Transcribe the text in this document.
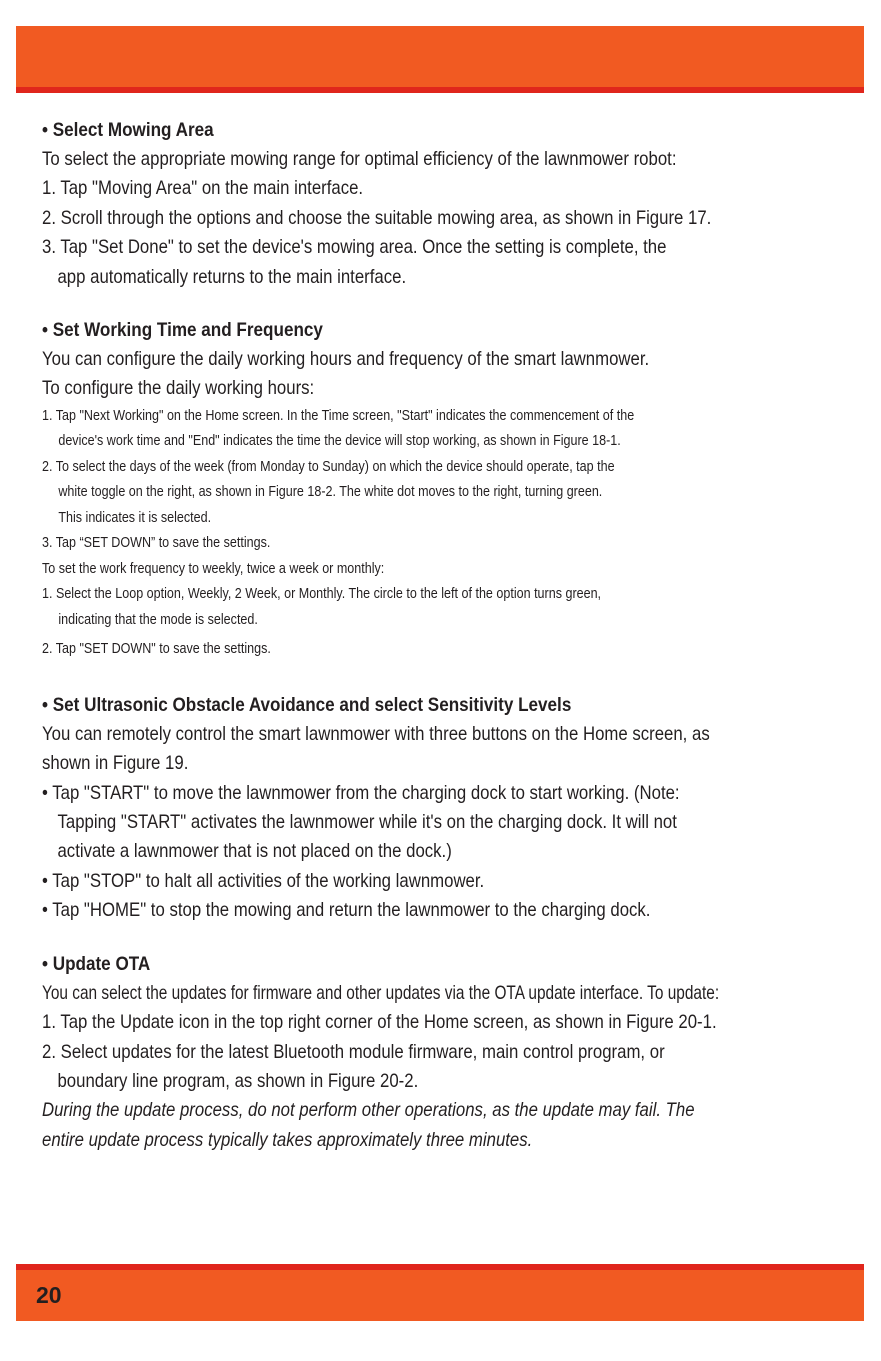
• Select Mowing Area
To select the appropriate mowing range for optimal efficiency of the lawnmower robot:
1. Tap "Moving Area" on the main interface.
2. Scroll through the options and choose the suitable mowing area, as shown in Figure 17.
3. Tap "Set Done" to set the device's mowing area. Once the setting is complete, the
app automatically returns to the main interface.
• Set Working Time and Frequency
You can configure the daily working hours and frequency of the smart lawnmower.
To configure the daily working hours:
1. Tap "Next Working" on the Home screen. In the Time screen, "Start" indicates the commencement of the
device's work time and "End" indicates the time the device will stop working, as shown in Figure 18-1.
2. To select the days of the week (from Monday to Sunday) on which the device should operate, tap the
white toggle on the right, as shown in Figure 18-2. The white dot moves to the right, turning green.
This indicates it is selected.
3. Tap “SET DOWN” to save the settings.
To set the work frequency to weekly, twice a week or monthly:
1. Select the Loop option, Weekly, 2 Week, or Monthly. The circle to the left of the option turns green,
indicating that the mode is selected.
2. Tap "SET DOWN" to save the settings.
• Set Ultrasonic Obstacle Avoidance and select Sensitivity Levels
You can remotely control the smart lawnmower with three buttons on the Home screen, as
shown in Figure 19.
• Tap "START" to move the lawnmower from the charging dock to start working. (Note:
Tapping "START" activates the lawnmower while it's on the charging dock. It will not
activate a lawnmower that is not placed on the dock.)
• Tap "STOP" to halt all activities of the working lawnmower.
• Tap "HOME" to stop the mowing and return the lawnmower to the charging dock.
• Update OTA
You can select the updates for firmware and other updates via the OTA update interface. To update:
1. Tap the Update icon in the top right corner of the Home screen, as shown in Figure 20-1.
2. Select updates for the latest Bluetooth module firmware, main control program, or
boundary line program, as shown in Figure 20-2.
During the update process, do not perform other operations, as the update may fail. The
entire update process typically takes approximately three minutes.
20
